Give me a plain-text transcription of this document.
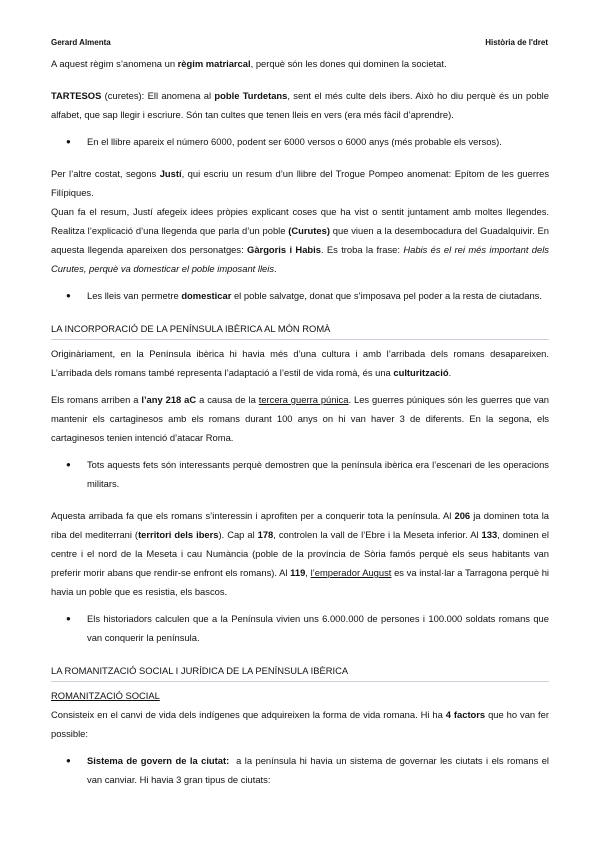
Gerard Almenta	Història de l'dret

A aquest règim s’anomena un règim matriarcal, perquè són les dones qui dominen la societat.

TARTESOS (curetes): Ell anomena al poble Turdetans, sent el més culte dels ibers. Això ho diu perquè és un poble alfabet, que sap llegir i escriure. Són tan cultes que tenen lleis en vers (era més fàcil d’aprendre).

● En el llibre apareix el número 6000, podent ser 6000 versos o 6000 anys (més probable els versos).

Per l’altre costat, segons Justí, qui escriu un resum d’un llibre del Trogue Pompeo anomenat: Epítom de les guerres Filípiques.

Quan fa el resum, Justí afegeix idees pròpies explicant coses que ha vist o sentit juntament amb moltes llegendes. Realitza l’explicació d’una llegenda que parla d’un poble (Curutes) que viuen a la desembocadura del Guadalquivir. En aquesta llegenda apareixen dos personatges: Gàrgoris i Habis. Es troba la frase: Habis és el rei més important dels Curutes, perquè va domesticar el poble imposant lleis.

● Les lleis van permetre domesticar el poble salvatge, donat que s’imposava pel poder a la resta de ciutadans.
LA INCORPORACIÓ DE LA PENÍNSULA IBÈRICA AL MÓN ROMÀ

Originàriament, en la Península ibèrica hi havia més d’una cultura i amb l’arribada dels romans desapareixen. L’arribada dels romans també representa l’adaptació a l’estil de vida romà, és una culturització.

Els romans arriben a l’any 218 aC a causa de la tercera guerra púnica. Les guerres púniques són les guerres que van mantenir els cartaginesos amb els romans durant 100 anys on hi van haver 3 de diferents. En la segona, els cartaginesos tenien intenció d’atacar Roma.

● Tots aquests fets són interessants perquè demostren que la península ibèrica era l’escenari de les operacions militars.

Aquesta arribada fa que els romans s’interessin i aprofiten per a conquerir tota la península. Al 206 ja dominen tota la riba del mediterrani (territori dels ibers). Cap al 178, controlen la vall de l’Ebre i la Meseta inferior. Al 133, dominen el centre i el nord de la Meseta i cau Numància (poble de la província de Sòria famós perquè els seus habitants van preferir morir abans que rendir-se enfront els romans). Al 119, l’emperador August es va instal·lar a Tarragona perquè hi havia un poble que es resistia, els bascos.

● Els historiadors calculen que a la Península vivien uns 6.000.000 de persones i 100.000 soldats romans que van conquerir la península.
LA ROMANITZACIÓ SOCIAL I JURÍDICA DE LA PENÍNSULA IBÈRICA
ROMANITZACIÓ SOCIAL

Consisteix en el canvi de vida dels indígenes que adquireixen la forma de vida romana. Hi ha 4 factors que ho van fer possible:

● Sistema de govern de la ciutat:  a la península hi havia un sistema de governar les ciutats i els romans el van canviar. Hi havia 3 gran tipus de ciutats:
